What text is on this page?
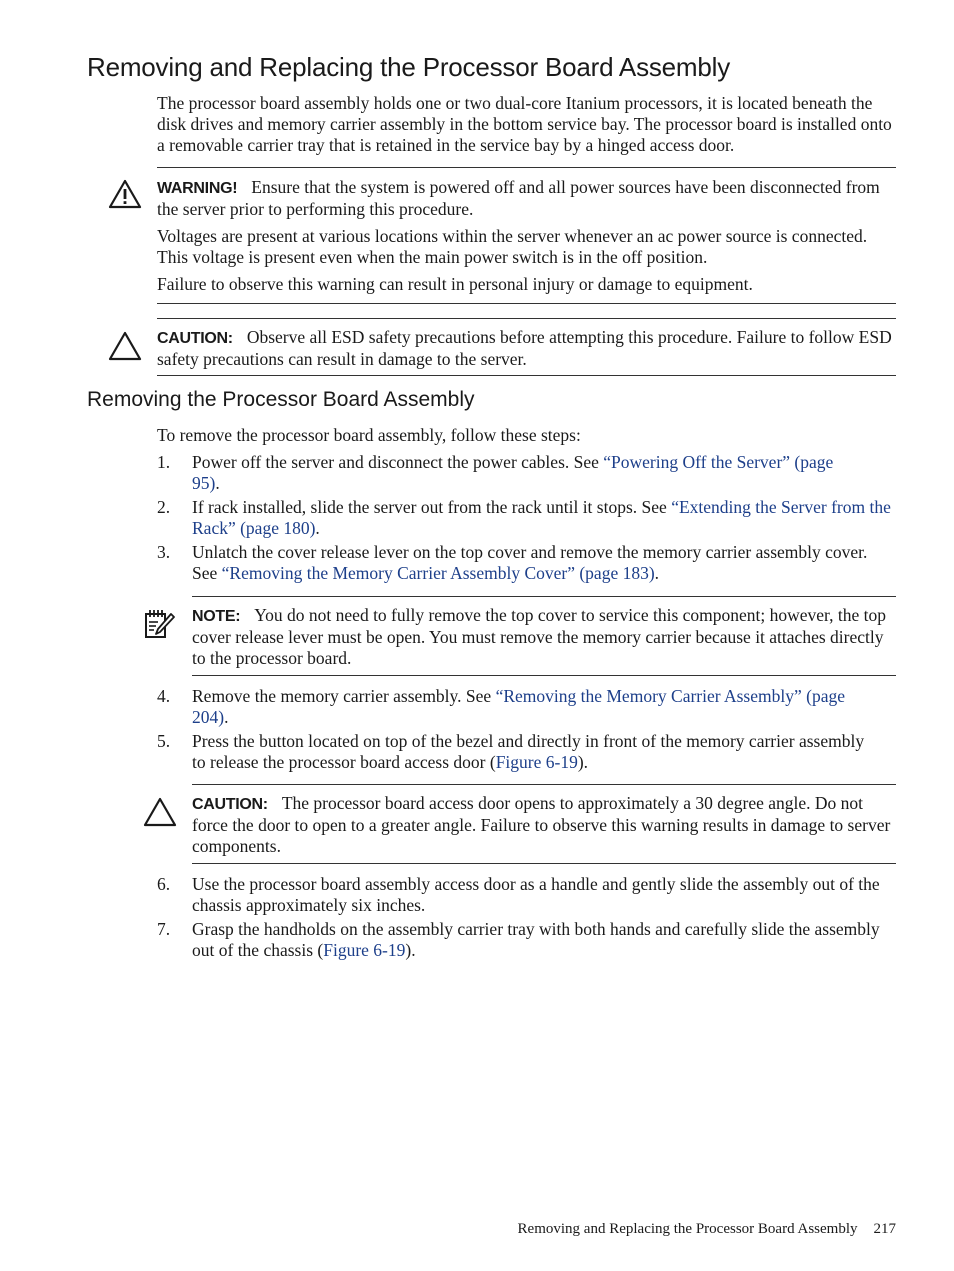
Removing and Replacing the Processor Board Assembly

The processor board assembly holds one or two dual-core Itanium processors, it is located beneath the disk drives and memory carrier assembly in the bottom service bay. The processor board is installed onto a removable carrier tray that is retained in the service bay by a hinged access door.

WARNING! Ensure that the system is powered off and all power sources have been disconnected from the server prior to performing this procedure.

Voltages are present at various locations within the server whenever an ac power source is connected. This voltage is present even when the main power switch is in the off position.

Failure to observe this warning can result in personal injury or damage to equipment.

CAUTION: Observe all ESD safety precautions before attempting this procedure. Failure to follow ESD safety precautions can result in damage to the server.

Removing the Processor Board Assembly

To remove the processor board assembly, follow these steps:

1. Power off the server and disconnect the power cables. See “Powering Off the Server” (page 95).

2. If rack installed, slide the server out from the rack until it stops. See “Extending the Server from the Rack” (page 180).

3. Unlatch the cover release lever on the top cover and remove the memory carrier assembly cover. See “Removing the Memory Carrier Assembly Cover” (page 183).

NOTE: You do not need to fully remove the top cover to service this component; however, the top cover release lever must be open. You must remove the memory carrier because it attaches directly to the processor board.

4. Remove the memory carrier assembly. See “Removing the Memory Carrier Assembly” (page 204).

5. Press the button located on top of the bezel and directly in front of the memory carrier assembly to release the processor board access door (Figure 6-19).

CAUTION: The processor board access door opens to approximately a 30 degree angle. Do not force the door to open to a greater angle. Failure to observe this warning results in damage to server components.

6. Use the processor board assembly access door as a handle and gently slide the assembly out of the chassis approximately six inches.

7. Grasp the handholds on the assembly carrier tray with both hands and carefully slide the assembly out of the chassis (Figure 6-19).

Removing and Replacing the Processor Board Assembly 217
